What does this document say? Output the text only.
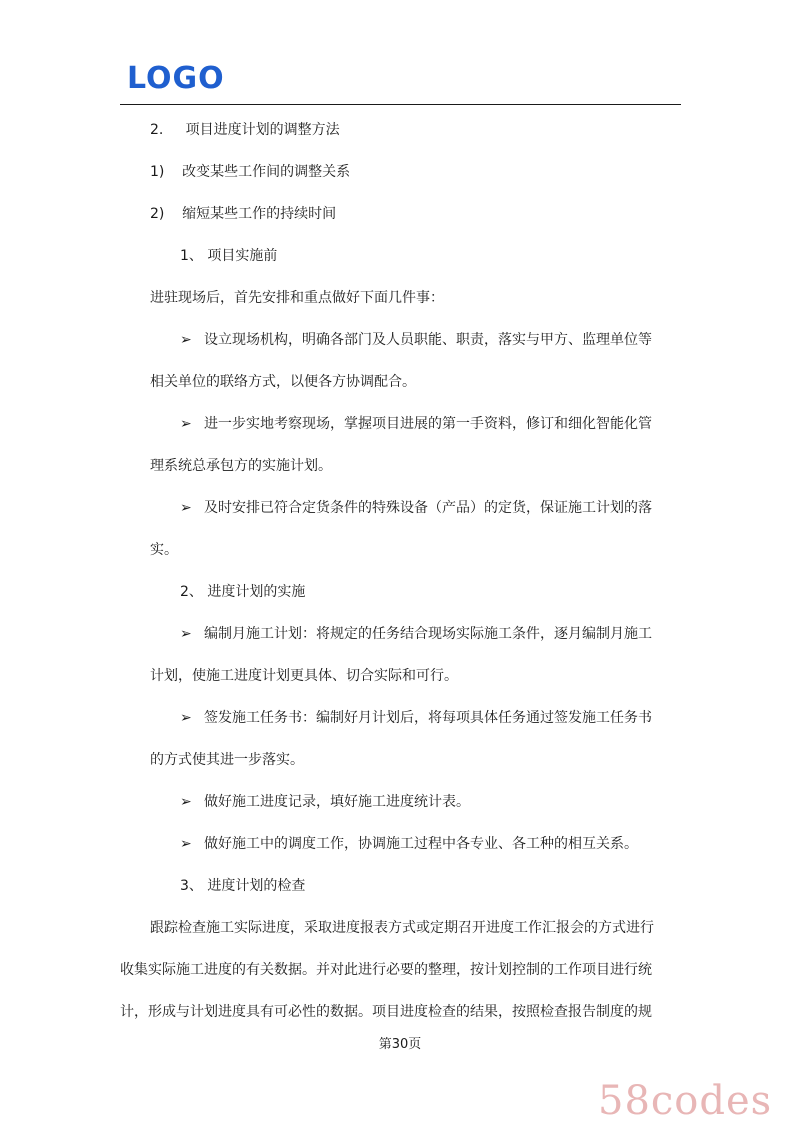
LOGO
2.     项目进度计划的调整方法
1)    改变某些工作间的调整关系
2)    缩短某些工作的持续时间
1、 项目实施前
进驻现场后，首先安排和重点做好下面几件事：
➢ 设立现场机构，明确各部门及人员职能、职责，落实与甲方、监理单位等
相关单位的联络方式，以便各方协调配合。
➢ 进一步实地考察现场，掌握项目进展的第一手资料，修订和细化智能化管
理系统总承包方的实施计划。
➢ 及时安排已符合定货条件的特殊设备（产品）的定货，保证施工计划的落
实。
2、 进度计划的实施
➢ 编制月施工计划：将规定的任务结合现场实际施工条件，逐月编制月施工
计划，使施工进度计划更具体、切合实际和可行。
➢ 签发施工任务书：编制好月计划后，将每项具体任务通过签发施工任务书
的方式使其进一步落实。
➢ 做好施工进度记录，填好施工进度统计表。
➢ 做好施工中的调度工作，协调施工过程中各专业、各工种的相互关系。
3、 进度计划的检查
跟踪检查施工实际进度，采取进度报表方式或定期召开进度工作汇报会的方式进行
收集实际施工进度的有关数据。并对此进行必要的整理，按计划控制的工作项目进行统
计，形成与计划进度具有可必性的数据。项目进度检查的结果，按照检查报告制度的规
第30页
58codes
